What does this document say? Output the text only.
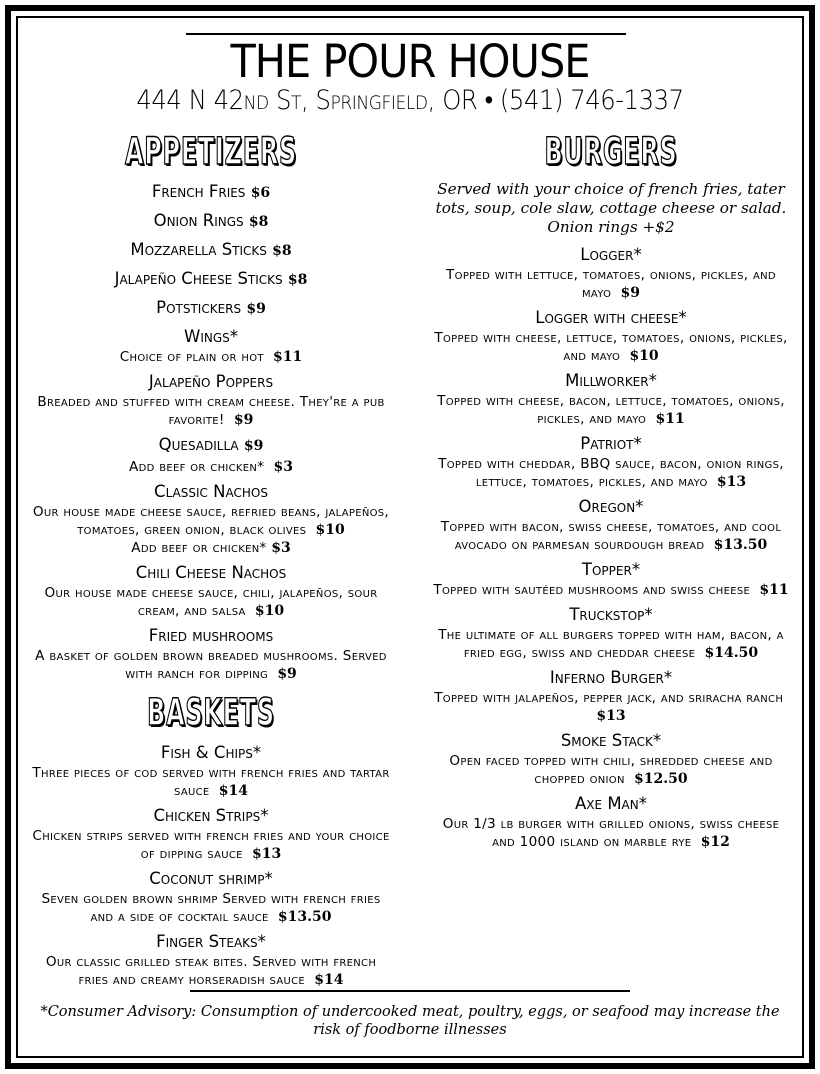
THE POUR HOUSE
444 N 42nd St, Springfield, OR • (541) 746-1337
APPETIZERS
French Fries $6
Onion Rings $8
Mozzarella Sticks $8
Jalapeño Cheese Sticks $8
Potstickers $9
Wings*
Choice of plain or hot $11
Jalapeño Poppers
Breaded and stuffed with cream cheese. They're a pub favorite! $9
Quesadilla $9
Add beef or chicken* $3
Classic Nachos
Our house made cheese sauce, refried beans, jalapeños, tomatoes, green onion, black olives $10
Add beef or chicken* $3
Chili Cheese Nachos
Our house made cheese sauce, chili, jalapeños, sour cream, and salsa $10
Fried mushrooms
A basket of golden brown breaded mushrooms. Served with ranch for dipping $9
BASKETS
Fish & Chips*
Three pieces of cod served with french fries and tartar sauce $14
Chicken Strips*
Chicken strips served with french fries and your choice of dipping sauce $13
Coconut shrimp*
Seven golden brown shrimp Served with french fries and a side of cocktail sauce $13.50
Finger Steaks*
Our classic grilled steak bites. Served with french fries and creamy horseradish sauce $14
BURGERS
Served with your choice of french fries, tater tots, soup, cole slaw, cottage cheese or salad. Onion rings +$2
Logger*
Topped with lettuce, tomatoes, onions, pickles, and mayo $9
Logger with cheese*
Topped with cheese, lettuce, tomatoes, onions, pickles, and mayo $10
Millworker*
Topped with cheese, bacon, lettuce, tomatoes, onions, pickles, and mayo $11
Patriot*
Topped with cheddar, BBQ sauce, bacon, onion rings, lettuce, tomatoes, pickles, and mayo $13
Oregon*
Topped with bacon, swiss cheese, tomatoes, and cool avocado on parmesan sourdough bread $13.50
Topper*
Topped with sautéed mushrooms and swiss cheese $11
Truckstop*
The ultimate of all burgers topped with ham, bacon, a fried egg, swiss and cheddar cheese $14.50
Inferno Burger*
Topped with jalapeños, pepper jack, and sriracha ranch  $13
Smoke Stack*
Open faced topped with chili, shredded cheese and chopped onion $12.50
Axe Man*
Our 1/3 lb burger with grilled onions, swiss cheese and 1000 island on marble rye $12
*Consumer Advisory: Consumption of undercooked meat, poultry, eggs, or seafood may increase the risk of foodborne illnesses
